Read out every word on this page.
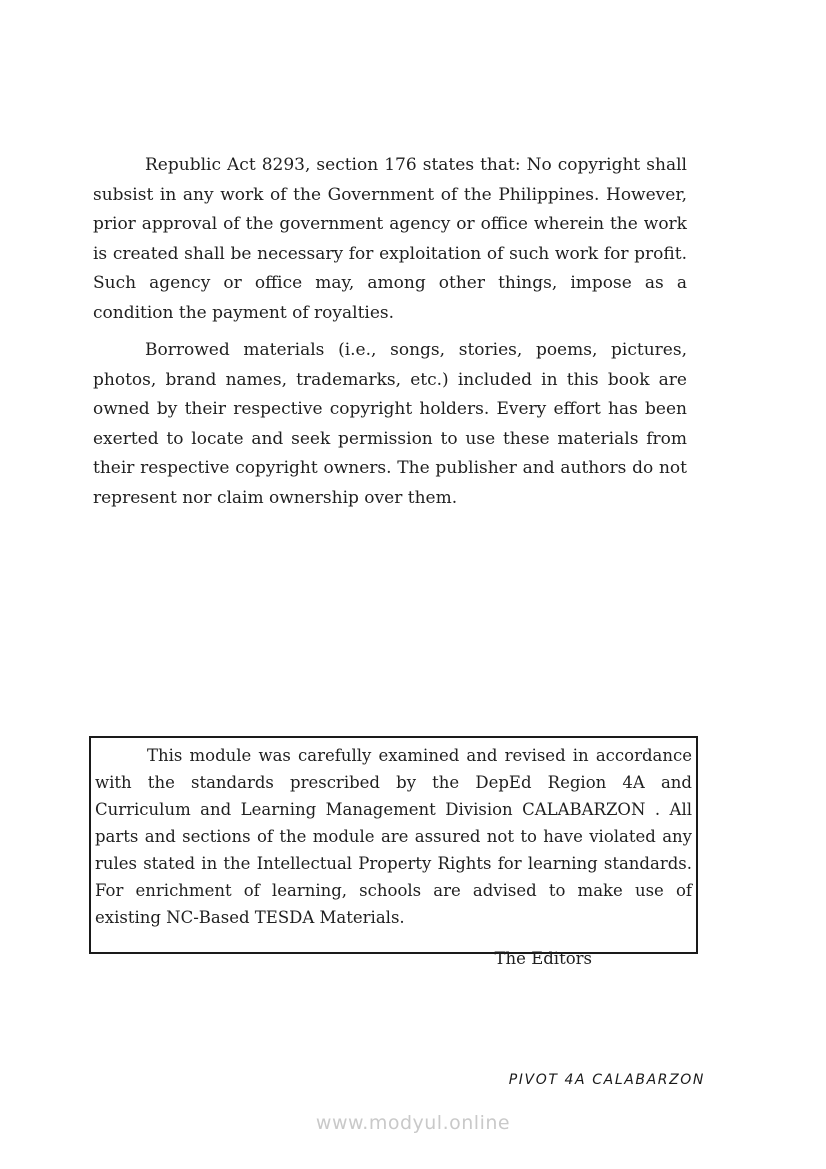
Republic Act 8293, section 176 states that: No copyright shall subsist in any work of the Government of the Philippines. However, prior approval of the government agency or office wherein the work is created shall be necessary for exploitation of such work for profit. Such agency or office may, among other things, impose as a condition the payment of royalties.

Borrowed materials (i.e., songs, stories, poems, pictures, photos, brand names, trademarks, etc.) included in this book are owned by their respective copyright holders. Every effort has been exerted to locate and seek permission to use these materials from their respective copyright owners. The publisher and authors do not represent nor claim ownership over them.

This module was carefully examined and revised in accordance with the standards prescribed by the DepEd Region 4A and Curriculum and Learning Management Division CALABARZON . All parts and sections of the module are assured not to have violated any rules stated in the Intellectual Property Rights for learning standards. For enrichment of learning, schools are advised to make use of existing NC-Based TESDA Materials.

The Editors
PIVOT 4A CALABARZON
www.modyul.online
